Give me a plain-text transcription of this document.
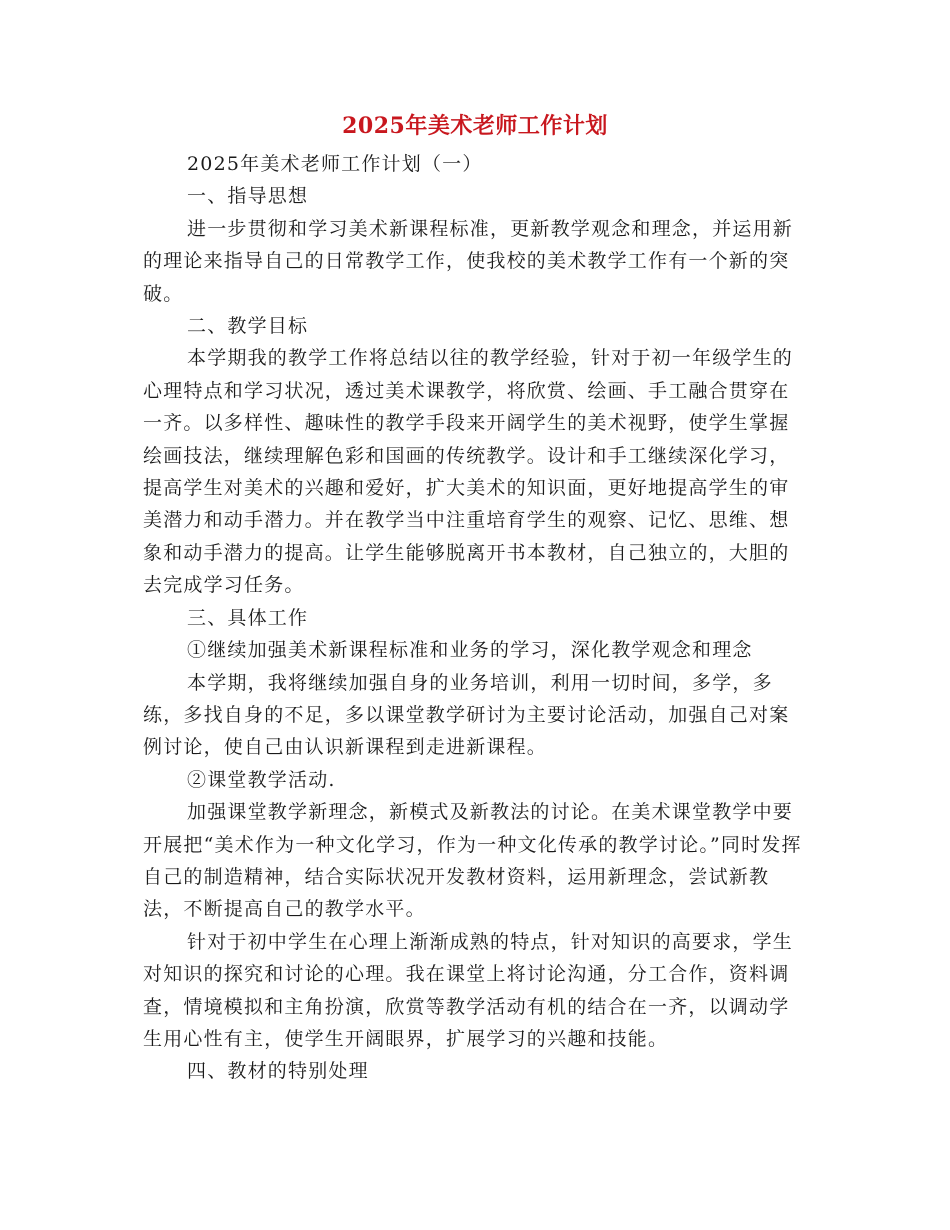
2025年美术老师工作计划

2025年美术老师工作计划（一）

一、指导思想

进一步贯彻和学习美术新课程标准，更新教学观念和理念，并运用新的理论来指导自己的日常教学工作，使我校的美术教学工作有一个新的突破。

二、教学目标

本学期我的教学工作将总结以往的教学经验，针对于初一年级学生的心理特点和学习状况，透过美术课教学，将欣赏、绘画、手工融合贯穿在一齐。以多样性、趣味性的教学手段来开阔学生的美术视野，使学生掌握绘画技法，继续理解色彩和国画的传统教学。设计和手工继续深化学习，提高学生对美术的兴趣和爱好，扩大美术的知识面，更好地提高学生的审美潜力和动手潜力。并在教学当中注重培育学生的观察、记忆、思维、想象和动手潜力的提高。让学生能够脱离开书本教材，自己独立的，大胆的去完成学习任务。

三、具体工作

①继续加强美术新课程标准和业务的学习，深化教学观念和理念

本学期，我将继续加强自身的业务培训，利用一切时间，多学，多练，多找自身的不足，多以课堂教学研讨为主要讨论活动，加强自己对案例讨论，使自己由认识新课程到走进新课程。

②课堂教学活动.

加强课堂教学新理念，新模式及新教法的讨论。在美术课堂教学中要开展把“美术作为一种文化学习，作为一种文化传承的教学讨论。”同时发挥自己的制造精神，结合实际状况开发教材资料，运用新理念，尝试新教法，不断提高自己的教学水平。

针对于初中学生在心理上渐渐成熟的特点，针对知识的高要求，学生对知识的探究和讨论的心理。我在课堂上将讨论沟通，分工合作，资料调查，情境模拟和主角扮演，欣赏等教学活动有机的结合在一齐，以调动学生用心性有主，使学生开阔眼界，扩展学习的兴趣和技能。

四、教材的特别处理
